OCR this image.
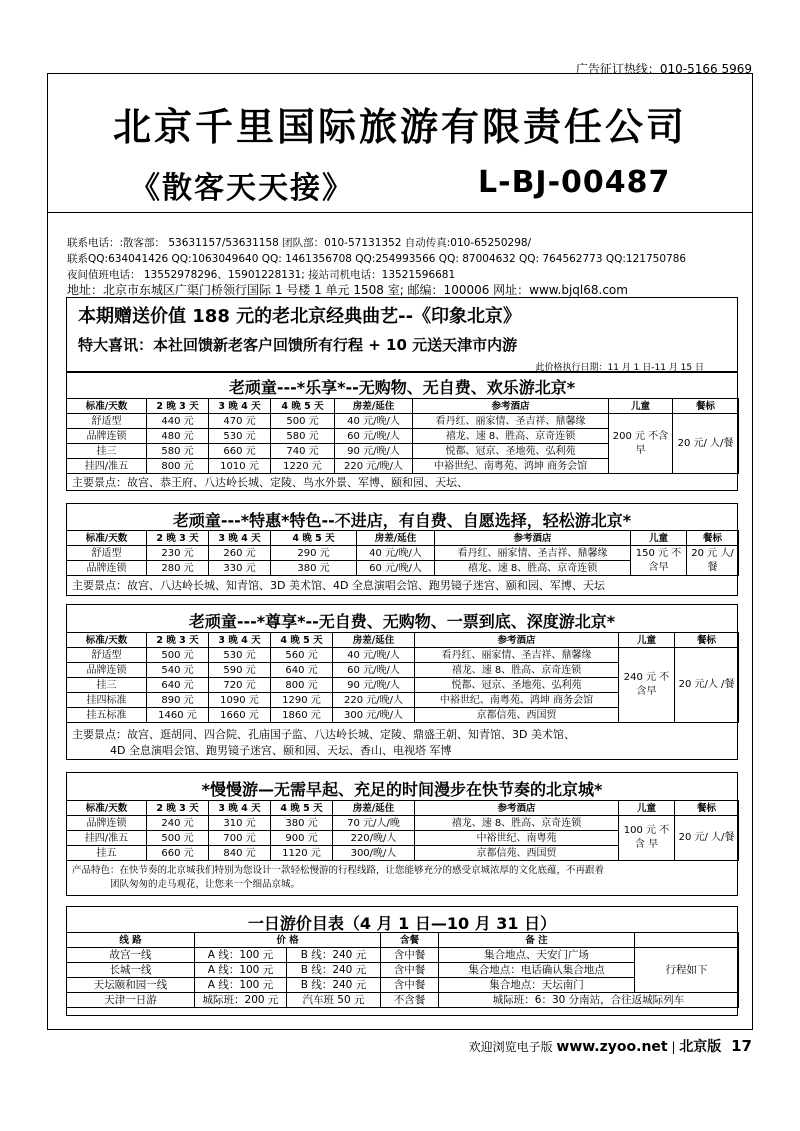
广告征订热线：010-5166 5969
北京千里国际旅游有限责任公司
《散客天天接》	L-BJ-00487
联系电话：:散客部： 53631157/53631158 团队部：010-57131352 自动传真:010-65250298/
联系QQ:634041426 QQ:1063049640 QQ: 1461356708 QQ:254993566 QQ: 87004632 QQ: 764562773 QQ:121750786
夜间值班电话： 13552978296、15901228131; 接站司机电话：13521596681
地址：北京市东城区广渠门桥领行国际 1 号楼 1 单元 1508 室; 邮编：100006 网址：www.bjql68.com
本期赠送价值 188 元的老北京经典曲艺--《印象北京》
特大喜讯：本社回馈新老客户回馈所有行程 + 10 元送天津市内游
此价格执行日期：11 月 1 日-11 月 15 日
老顽童---*乐享*--无购物、无自费、欢乐游北京*
标准/天数	2 晚 3 天	3 晚 4 天	4 晚 5 天	房差/延住	参考酒店	儿童	餐标
舒适型	440 元	470 元	500 元	40 元/晚/人	看丹红、丽家情、圣吉祥、鼎馨缘	200 元 不含早	20 元/ 人/餐
品牌连锁	480 元	530 元	580 元	60 元/晚/人	禧龙、速 8、胜高、京奇连锁		
挂三	580 元	660 元	740 元	90 元/晚/人	悦都、冠京、圣地苑、弘利苑		
挂四/准五	800 元	1010 元	1220 元	220 元/晚/人	中裕世纪、南粤苑、鸿坤 商务会馆		
主要景点：故宫、恭王府、八达岭长城、定陵、鸟水外景、军博、颐和园、天坛、
老顽童---*特惠*特色--不进店，有自费、自愿选择，轻松游北京*
标准/天数	2 晚 3 天	3 晚 4 天	4 晚 5 天	房差/延住	参考酒店	儿童	餐标
舒适型	230 元	260 元	290 元	40 元/晚/人	看丹红、丽家情、圣吉祥、鼎馨缘	150 元 不含早	20 元 人/餐
品牌连锁	280 元	330 元	380 元	60 元/晚/人	禧龙、速 8、胜高、京奇连锁		
主要景点：故宫、八达岭长城、知青馆、3D 美术馆、4D 全息演唱会馆、跑男镜子迷宫、颐和园、军博、天坛
老顽童---*尊享*--无自费、无购物、一票到底、深度游北京*
标准/天数	2 晚 3 天	3 晚 4 天	4 晚 5 天	房差/延住	参考酒店	儿童	餐标
舒适型	500 元	530 元	560 元	40 元/晚/人	看丹红、丽家情、圣吉祥、鼎馨缘	240 元 不含早	20 元/人 /餐
品牌连锁	540 元	590 元	640 元	60 元/晚/人	禧龙、速 8、胜高、京奇连锁		
挂三	640 元	720 元	800 元	90 元/晚/人	悦都、冠京、圣地苑、弘利苑		
挂四标准	890 元	1090 元	1290 元	220 元/晚/人	中裕世纪、南粤苑、鸿坤 商务会馆		
挂五标准	1460 元	1660 元	1860 元	300 元/晚/人	京都信苑、西国贸		
主要景点：故宫、逛胡同、四合院、孔庙国子监、八达岭长城、定陵、鼎盛王朝、知青馆、3D 美术馆、
4D 全息演唱会馆、跑男镜子迷宫、颐和园、天坛、香山、电视塔 军博
*慢慢游—无需早起、充足的时间漫步在快节奏的北京城*
标准/天数	2 晚 3 天	3 晚 4 天	4 晚 5 天	房差/延住	参考酒店	儿童	餐标
品牌连锁	240 元	310 元	380 元	70 元/人/晚	禧龙、速 8、胜高、京奇连锁	100 元 不含 早	20 元/ 人/餐
挂四/准五	500 元	700 元	900 元	220/晚/人	中裕世纪、南粤苑		
挂五	660 元	840 元	1120 元	300/晚/人	京都信苑、西国贸		
产品特色：在快节奏的北京城我们特别为您设计一款轻松慢游的行程线路，让您能够充分的感受京城浓厚的文化底蕴，不再跟着
团队匆匆的走马观花，让您来一个细品京城。
一日游价目表（4 月 1 日—10 月 31 日）
线 路	价 格		含餐	备 注	
故宫一线	A 线：100 元	B 线：240 元	含中餐	集合地点、天安门广场	行程如下
长城一线	A 线：100 元	B 线：240 元	含中餐	集合地点：电话确认集合地点	
天坛颐和园一线	A 线：100 元	B 线：240 元	含中餐	集合地点：天坛南门	
天津一日游	城际班：200 元	汽车班 50 元	不含餐	城际班：6：30 分南站，合往返城际列车	
欢迎浏览电子版 www.zyoo.net | 北京版 17
